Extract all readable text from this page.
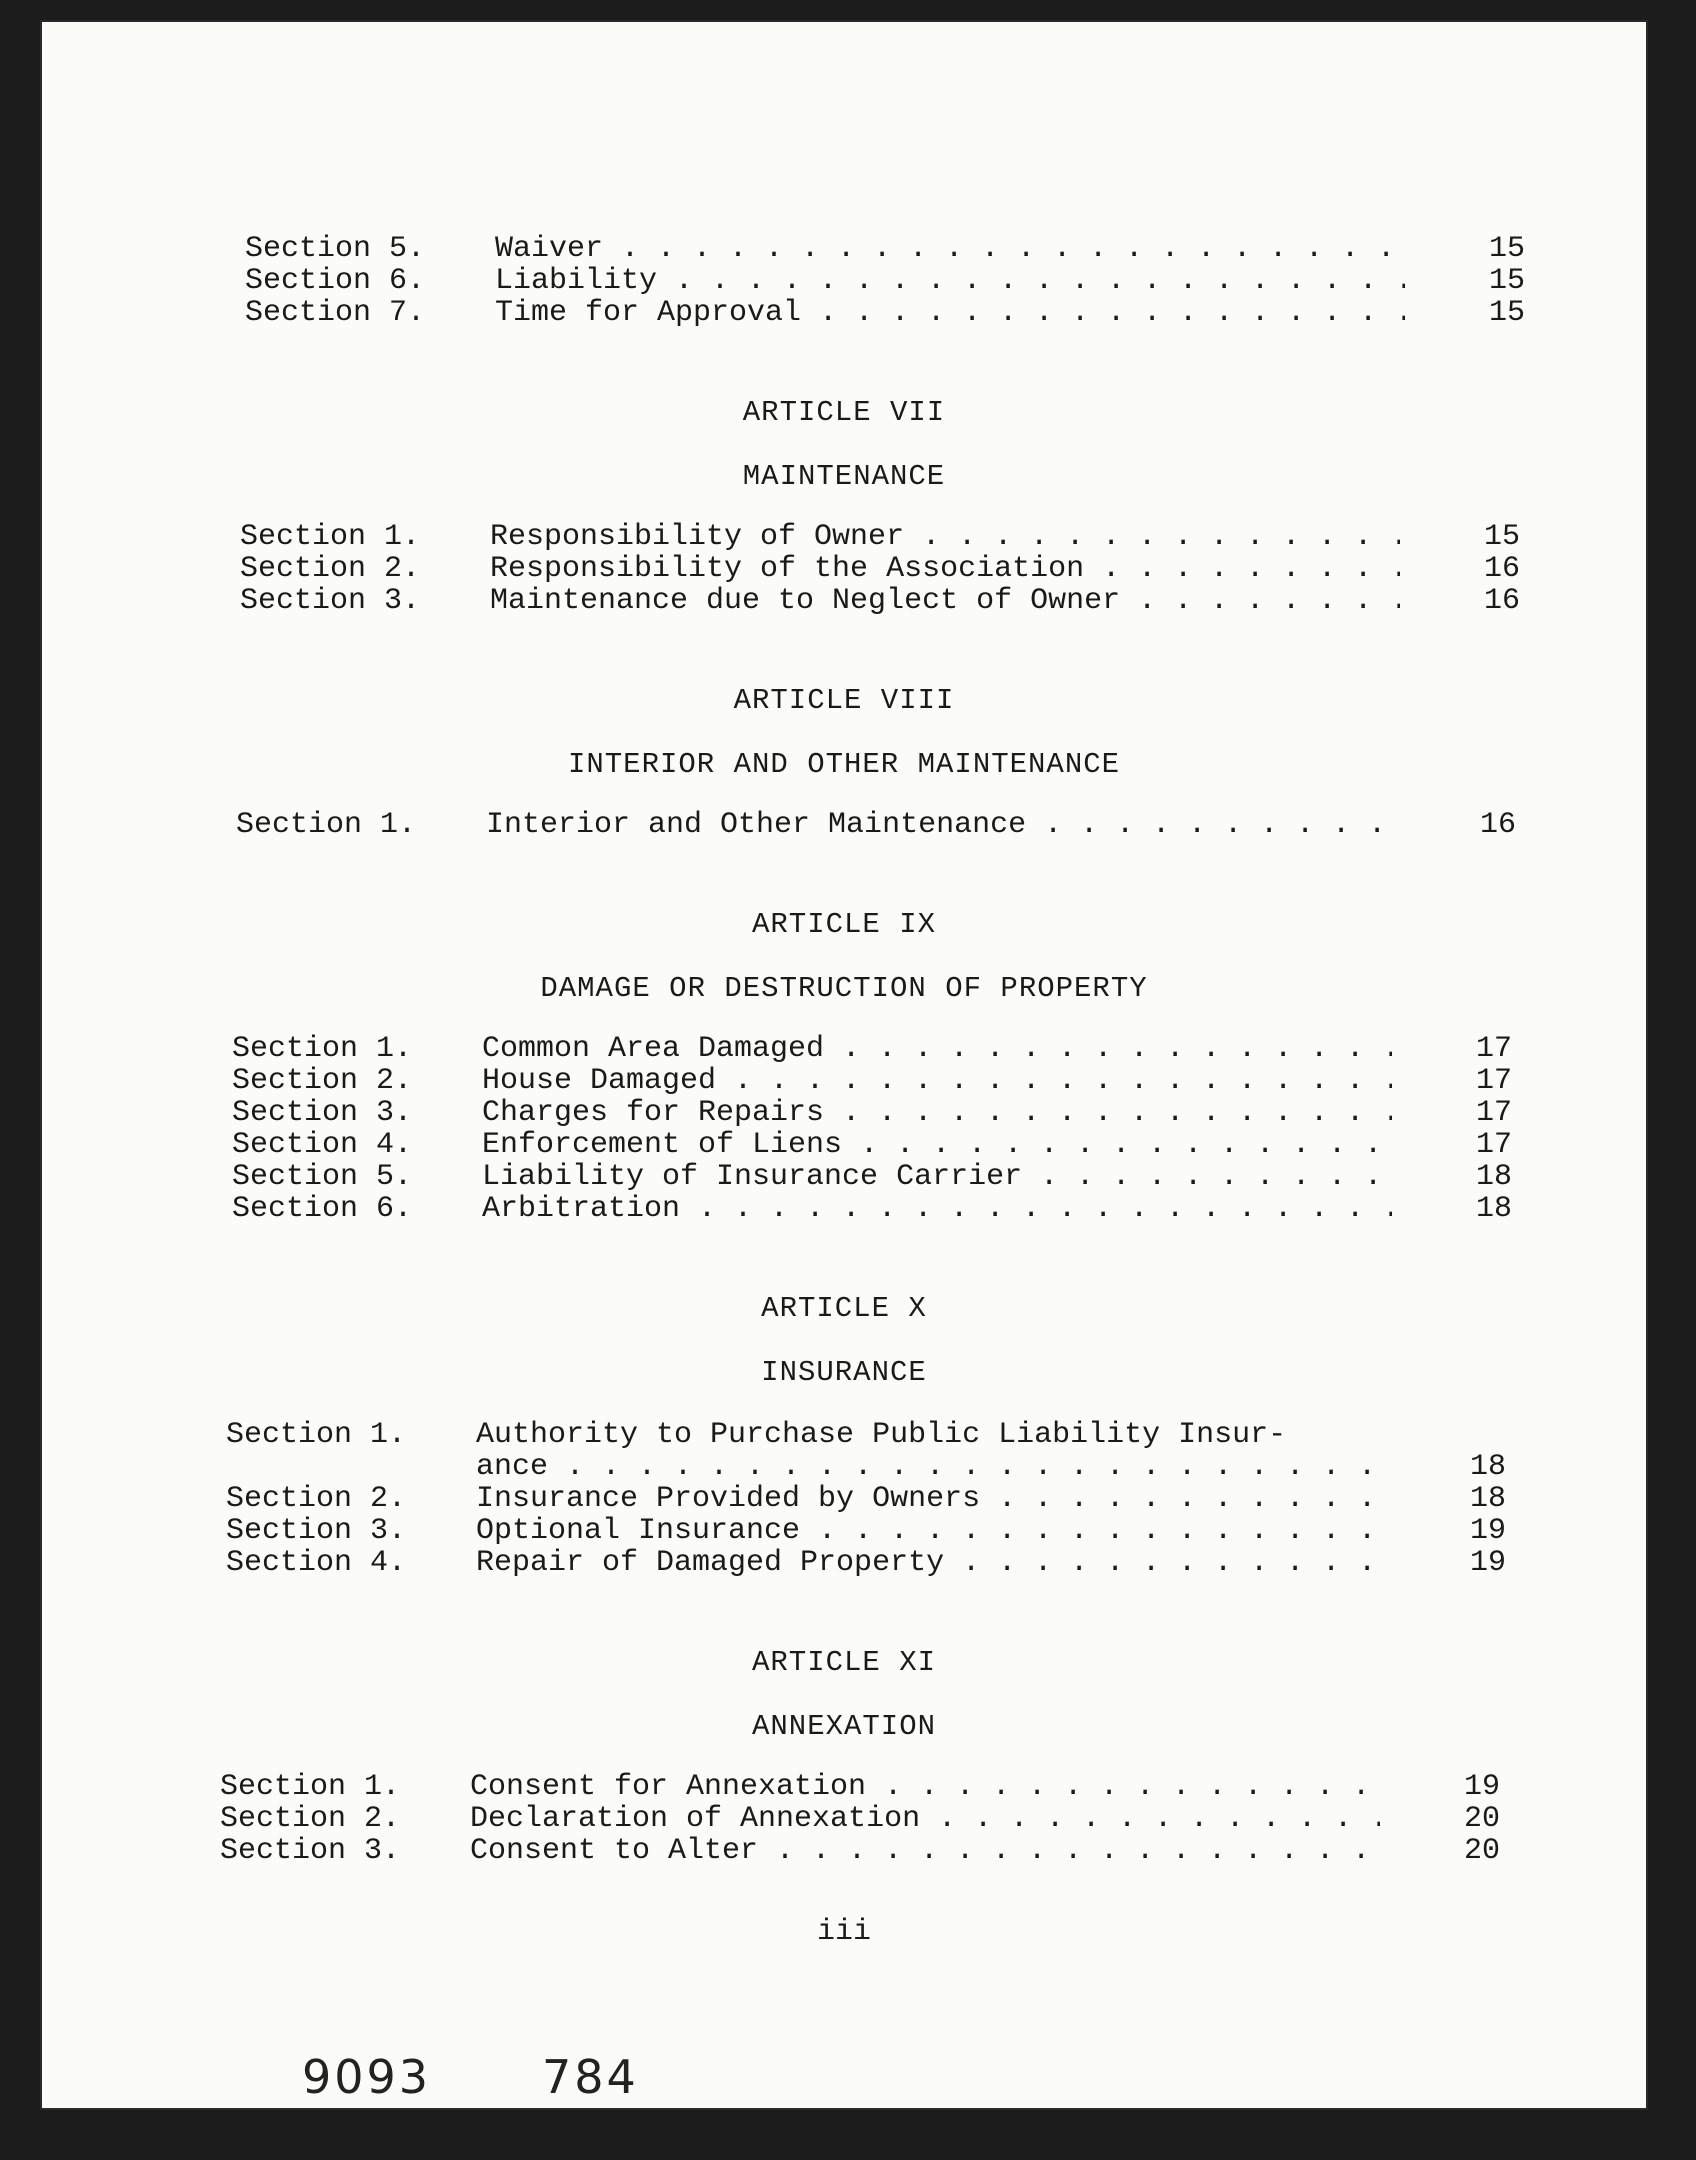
Section 5. Waiver . . .	15
Section 6. Liability . . .	15
Section 7. Time for Approval . . .	15
ARTICLE VII
MAINTENANCE
Section 1. Responsibility of Owner . . .	15
Section 2. Responsibility of the Association . . .	16
Section 3. Maintenance due to Neglect of Owner . . .	16
ARTICLE VIII
INTERIOR AND OTHER MAINTENANCE
Section 1. Interior and Other Maintenance . . .	16
ARTICLE IX
DAMAGE OR DESTRUCTION OF PROPERTY
Section 1. Common Area Damaged . . .	17
Section 2. House Damaged . . .	17
Section 3. Charges for Repairs . . .	17
Section 4. Enforcement of Liens . . .	17
Section 5. Liability of Insurance Carrier . . .	18
Section 6. Arbitration . . .	18
ARTICLE X
INSURANCE
Section 1. Authority to Purchase Public Liability Insur-
ance . . .	18
Section 2. Insurance Provided by Owners . . .	18
Section 3. Optional Insurance . . .	19
Section 4. Repair of Damaged Property . . .	19
ARTICLE XI
ANNEXATION
Section 1. Consent for Annexation . . .	19
Section 2. Declaration of Annexation . . .	20
Section 3. Consent to Alter . . .	20
iii
9093 784
